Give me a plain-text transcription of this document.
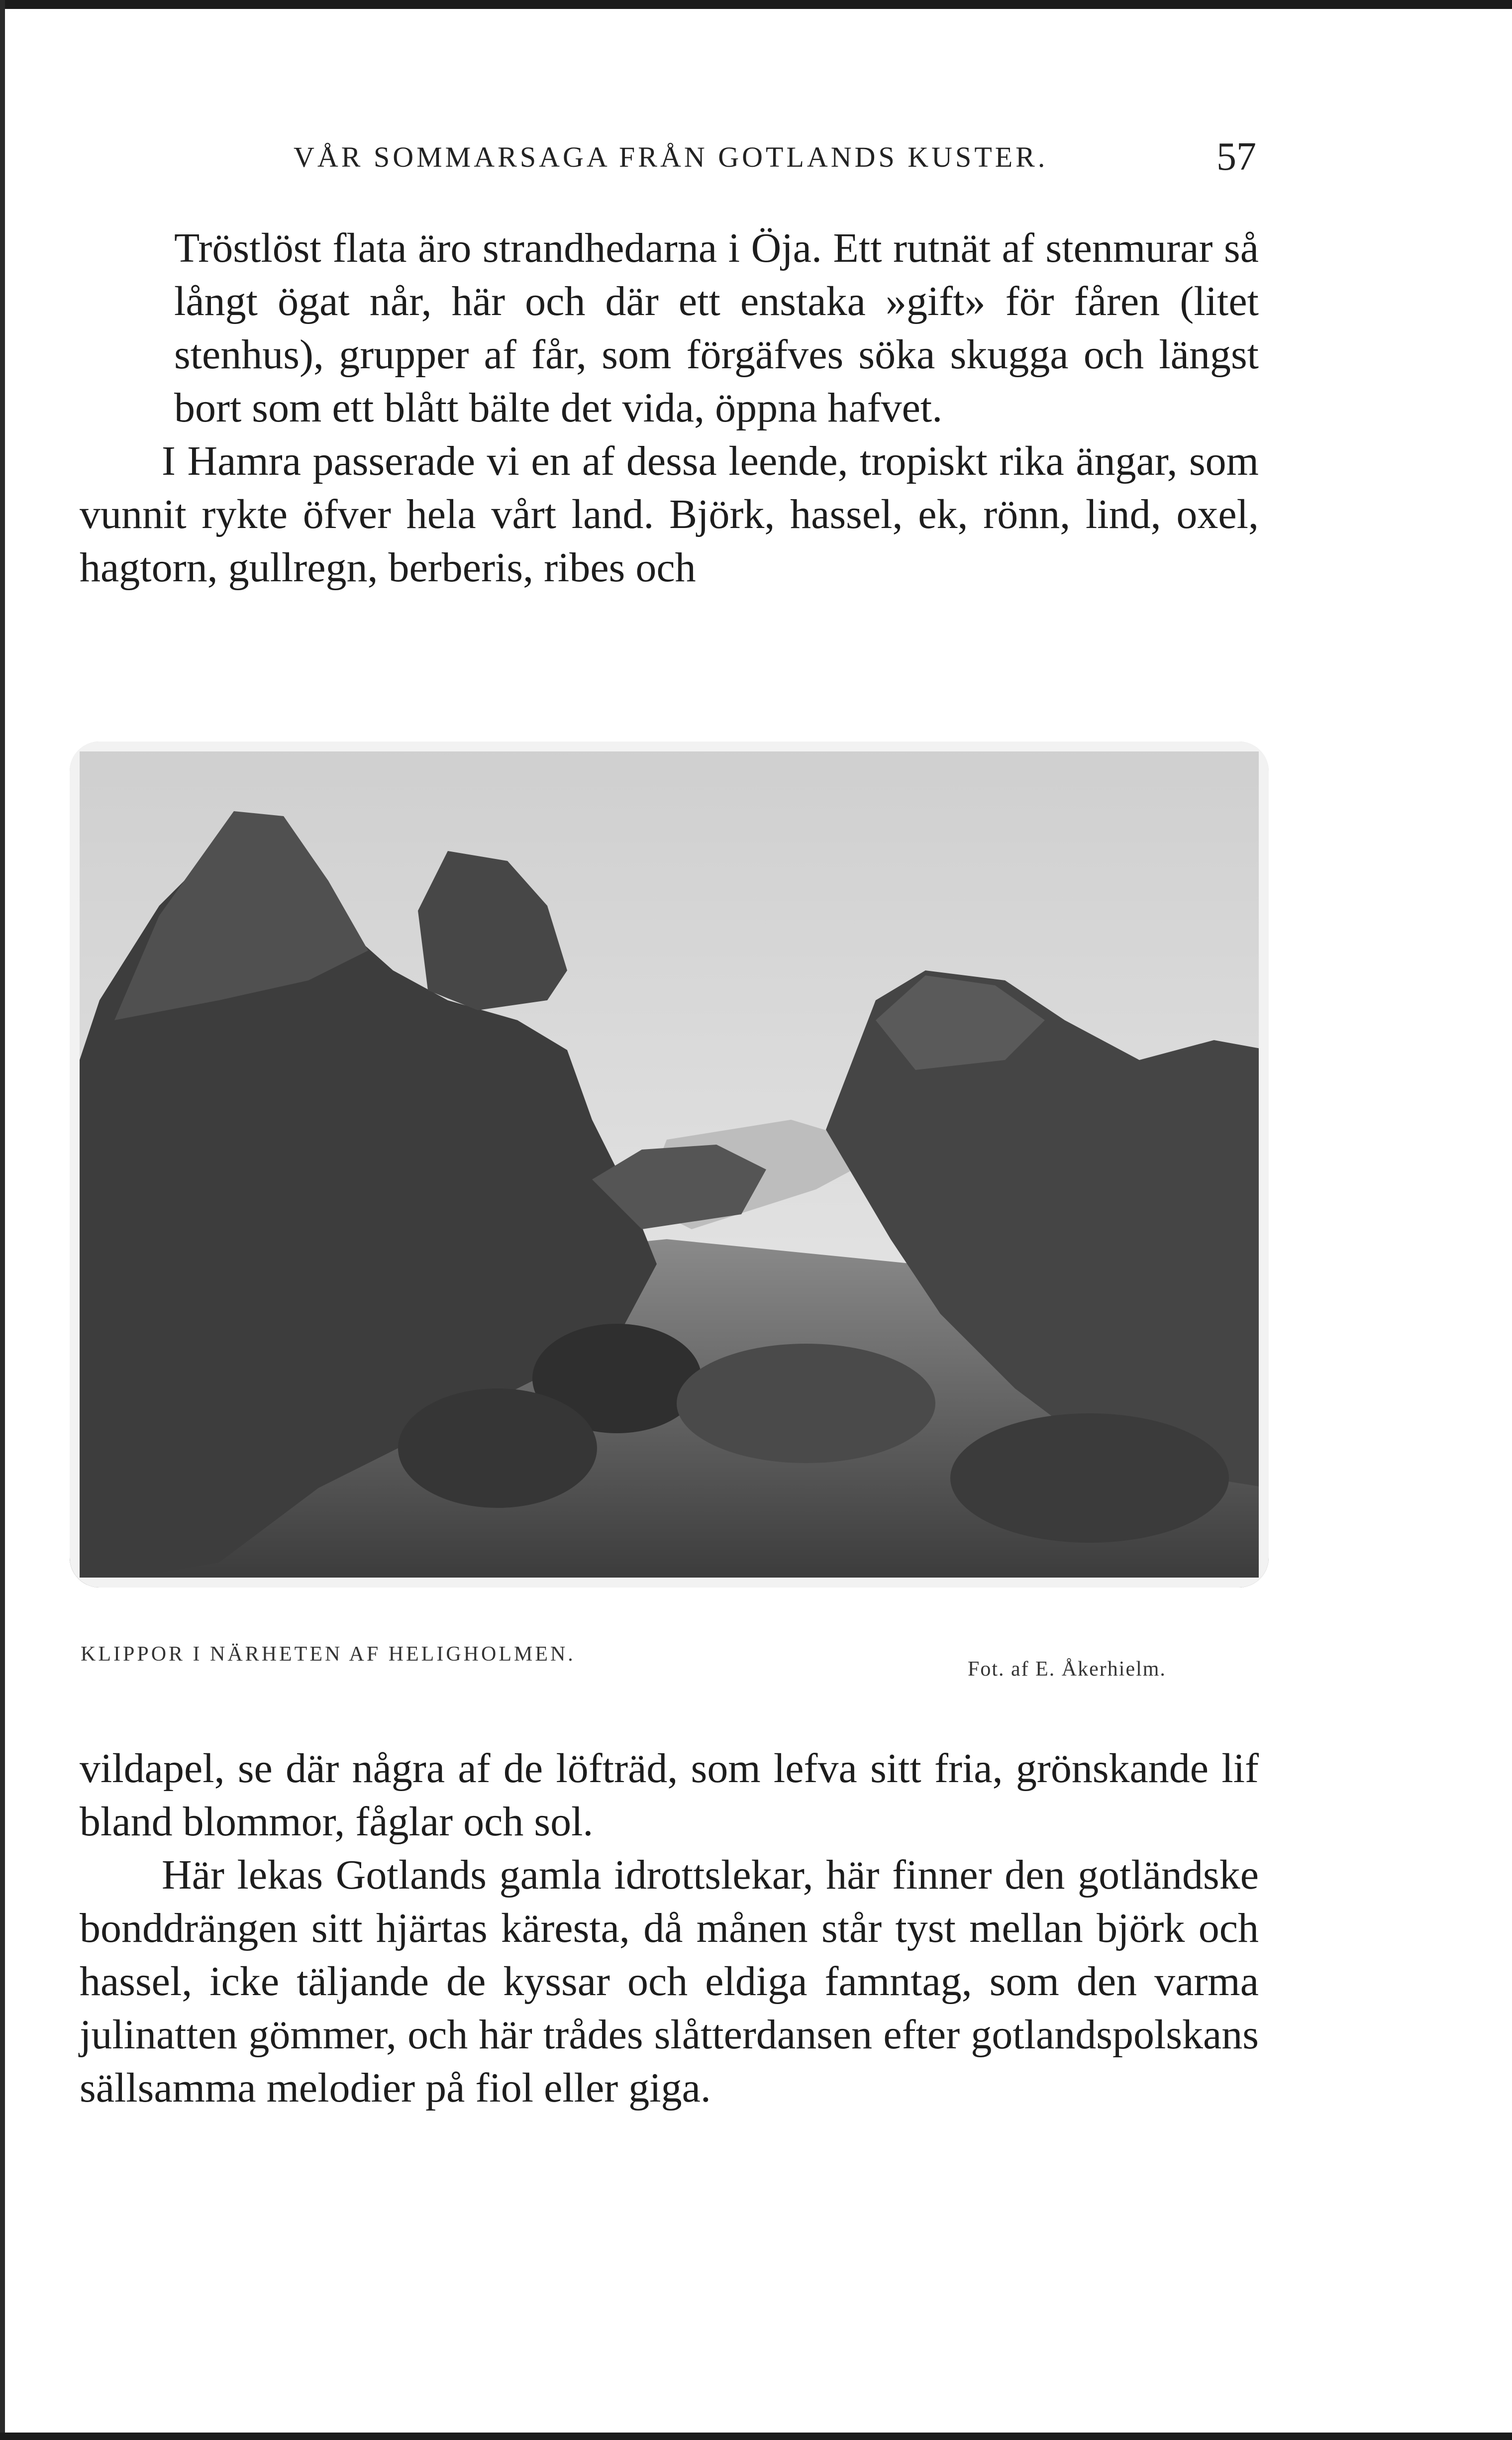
VÅR SOMMARSAGA FRÅN GOTLANDS KUSTER.	57

Tröstlöst flata äro strandhedarna i Öja. Ett rutnät af stenmurar så långt ögat når, här och där ett enstaka »gift» för fåren (litet stenhus), grupper af får, som förgäfves söka skugga och längst bort som ett blått bälte det vida, öppna hafvet.

I Hamra passerade vi en af dessa leende, tropiskt rika ängar, som vunnit rykte öfver hela vårt land. Björk, hassel, ek, rönn, lind, oxel, hagtorn, gullregn, berberis, ribes och

KLIPPOR I NÄRHETEN AF HELIGHOLMEN.
Fot. af E. Åkerhielm.

vildapel, se där några af de löfträd, som lefva sitt fria, grönskande lif bland blommor, fåglar och sol.

Här lekas Gotlands gamla idrottslekar, här finner den gotländske bonddrängen sitt hjärtas käresta, då månen står tyst mellan björk och hassel, icke täljande de kyssar och eldiga famntag, som den varma julinatten gömmer, och här trådes slåtterdansen efter gotlandspolskans sällsamma melodier på fiol eller giga.
